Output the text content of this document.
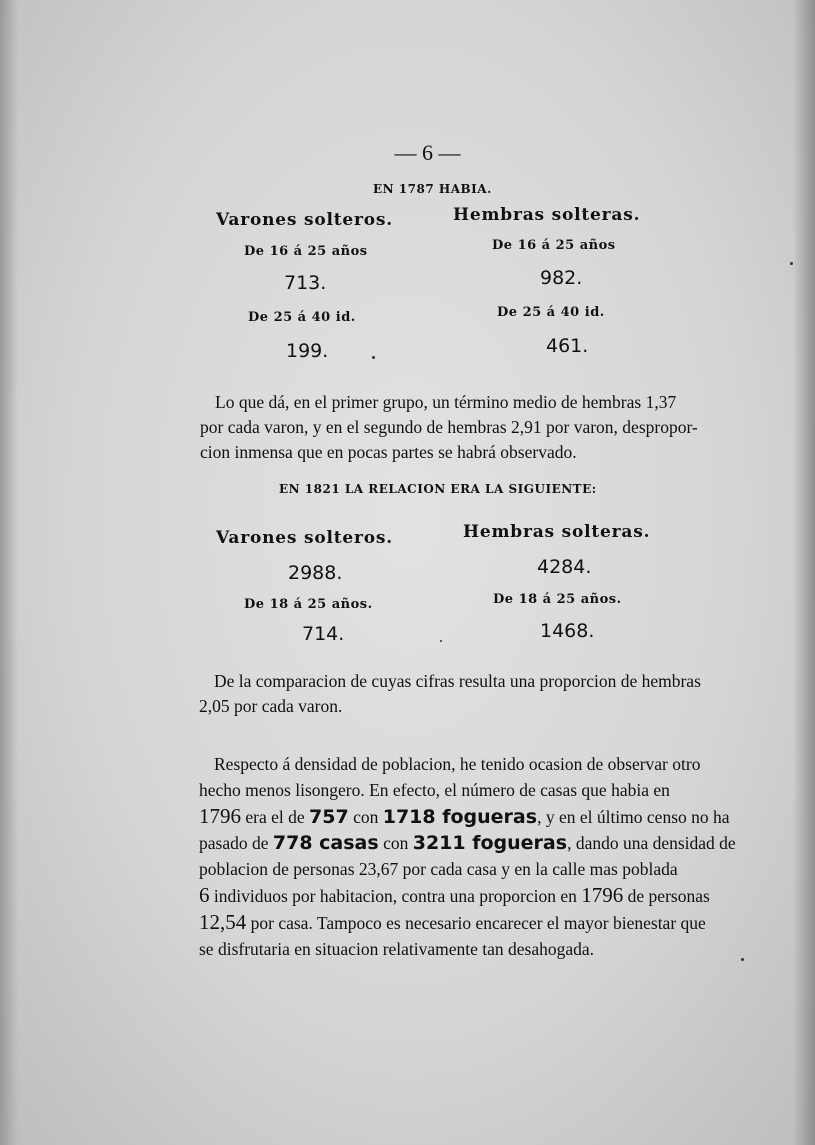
— 6 —
EN 1787 HABIA.
Varones solteros.	Hembras solteras.
De 16 á 25 años	De 16 á 25 años
713.	982.
De 25 á 40 id.	De 25 á 40 id.
199.	461.
Lo que dá, en el primer grupo, un término medio de hembras 1,37
por cada varon, y en el segundo de hembras 2,91 por varon, despropor-
cion inmensa que en pocas partes se habrá observado.
EN 1821 LA RELACION ERA LA SIGUIENTE:
Varones solteros.	Hembras solteras.
2988.	4284.
De 18 á 25 años.	De 18 á 25 años.
714.	1468.
De la comparacion de cuyas cifras resulta una proporcion de hembras
2,05 por cada varon.
Respecto á densidad de poblacion, he tenido ocasion de observar otro
hecho menos lisongero. En efecto, el número de casas que habia en
1796 era el de 757 con 1718 fogueras, y en el último censo no ha
pasado de 778 casas con 3211 fogueras, dando una densidad de
poblacion de personas 23,67 por cada casa y en la calle mas poblada
6 individuos por habitacion, contra una proporcion en 1796 de personas
12,54 por casa. Tampoco es necesario encarecer el mayor bienestar que
se disfrutaria en situacion relativamente tan desahogada.
